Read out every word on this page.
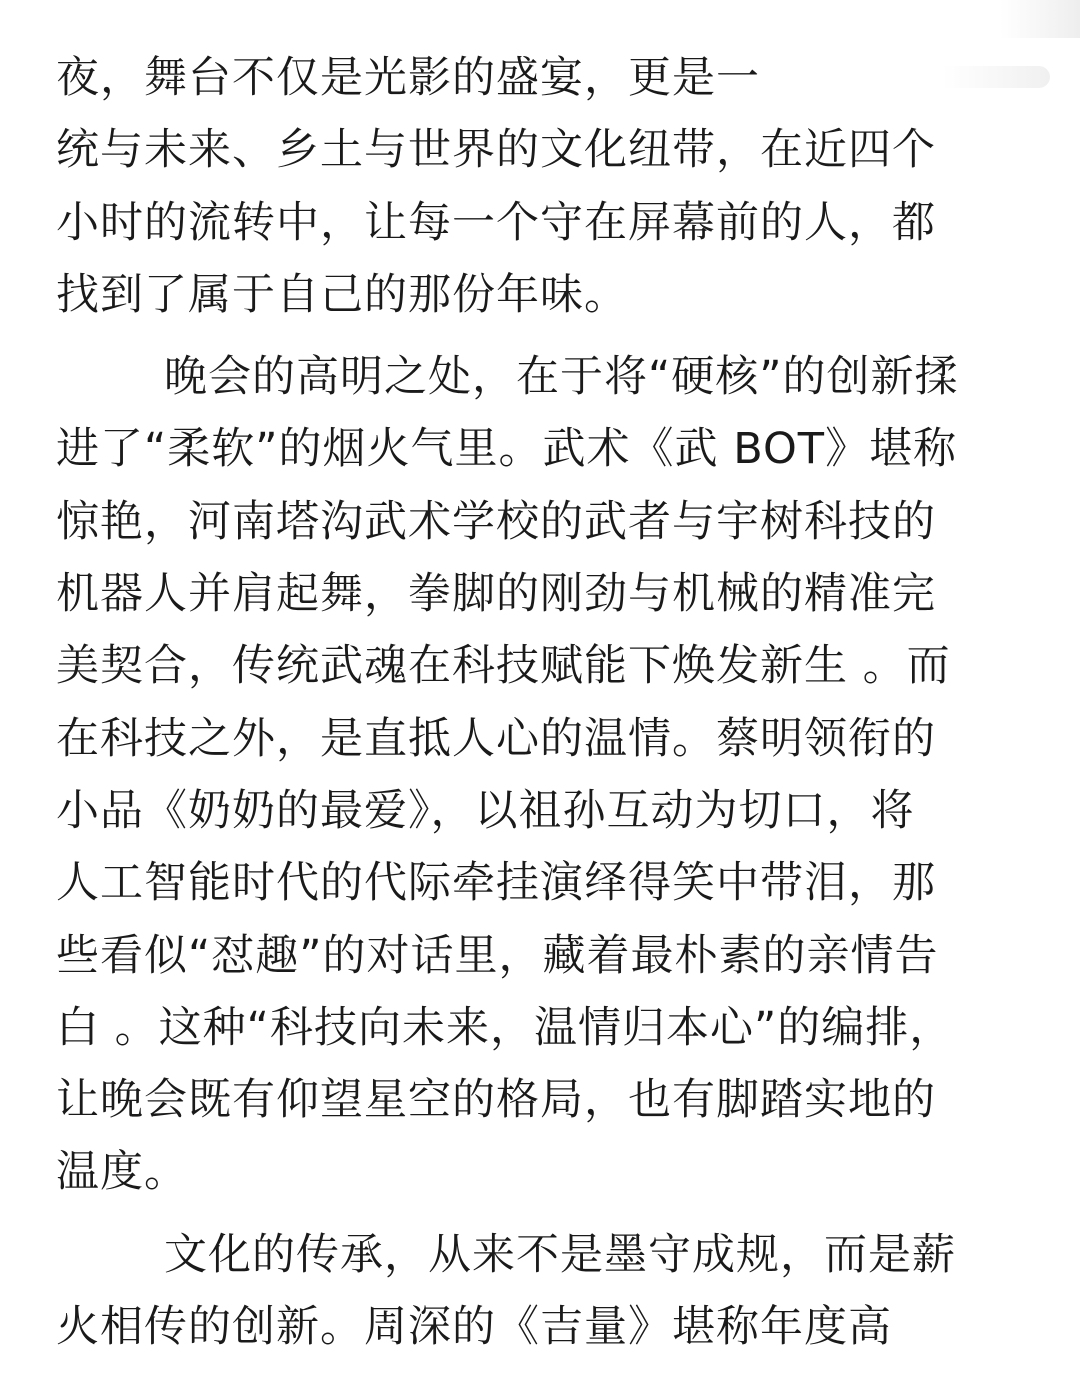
夜，舞台不仅是光影的盛宴，更是一
统与未来、乡土与世界的文化纽带，在近四个
小时的流转中，让每一个守在屏幕前的人，都
找到了属于自己的那份年味。

晚会的高明之处，在于将“硬核”的创新揉
进了“柔软”的烟火气里。武术《武 BOT》堪称
惊艳，河南塔沟武术学校的武者与宇树科技的
机器人并肩起舞，拳脚的刚劲与机械的精准完
美契合，传统武魂在科技赋能下焕发新生 。而
在科技之外，是直抵人心的温情。蔡明领衔的
小品《奶奶的最爱》，以祖孙互动为切口，将
人工智能时代的代际牵挂演绎得笑中带泪，那
些看似“怼趣”的对话里，藏着最朴素的亲情告
白 。这种“科技向未来，温情归本心”的编排，
让晚会既有仰望星空的格局，也有脚踏实地的
温度。

文化的传承，从来不是墨守成规，而是薪
火相传的创新。周深的《吉量》堪称年度高
